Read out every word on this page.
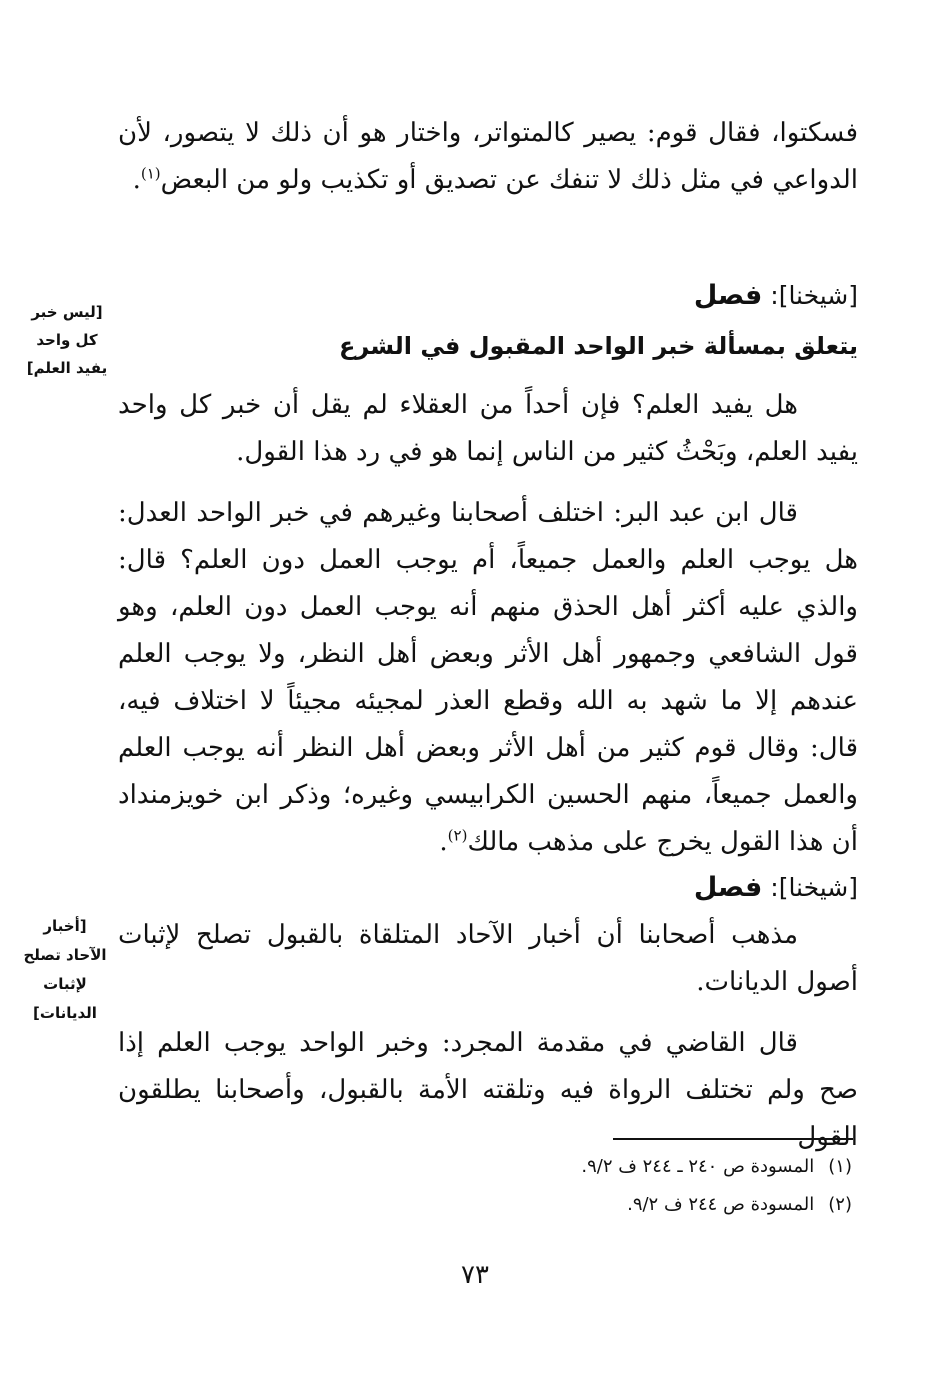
فسكتوا، فقال قوم: يصير كالمتواتر، واختار هو أن ذلك لا يتصور، لأن الدواعي في مثل ذلك لا تنفك عن تصديق أو تكذيب ولو من البعض$^{(١)}$.
[شيخنا]: فصل
يتعلق بمسألة خبر الواحد المقبول في الشرع
[ليس خبر كل واحد يفيد العلم]
هل يفيد العلم؟ فإن أحداً من العقلاء لم يقل أن خبر كل واحد يفيد العلم، وبَحْثُ كثير من الناس إنما هو في رد هذا القول.
قال ابن عبد البر: اختلف أصحابنا وغيرهم في خبر الواحد العدل: هل يوجب العلم والعمل جميعاً، أم يوجب العمل دون العلم؟ قال: والذي عليه أكثر أهل الحذق منهم أنه يوجب العمل دون العلم، وهو قول الشافعي وجمهور أهل الأثر وبعض أهل النظر، ولا يوجب العلم عندهم إلا ما شهد به الله وقطع العذر لمجيئه مجيئاً لا اختلاف فيه، قال: وقال قوم كثير من أهل الأثر وبعض أهل النظر أنه يوجب العلم والعمل جميعاً، منهم الحسين الكرابيسي وغيره؛ وذكر ابن خويزمنداد أن هذا القول يخرج على مذهب مالك$^{(٢)}$.
[شيخنا]: فصل
[أخبار الآحاد تصلح لإثبات الديانات]
مذهب أصحابنا أن أخبار الآحاد المتلقاة بالقبول تصلح لإثبات أصول الديانات.
قال القاضي في مقدمة المجرد: وخبر الواحد يوجب العلم إذا صح ولم تختلف الرواة فيه وتلقته الأمة بالقبول، وأصحابنا يطلقون القول
(١)المسودة ص ٢٤٠ ـ ٢٤٤ ف ٩/٢.
(٢)المسودة ص ٢٤٤ ف ٩/٢.
٧٣
